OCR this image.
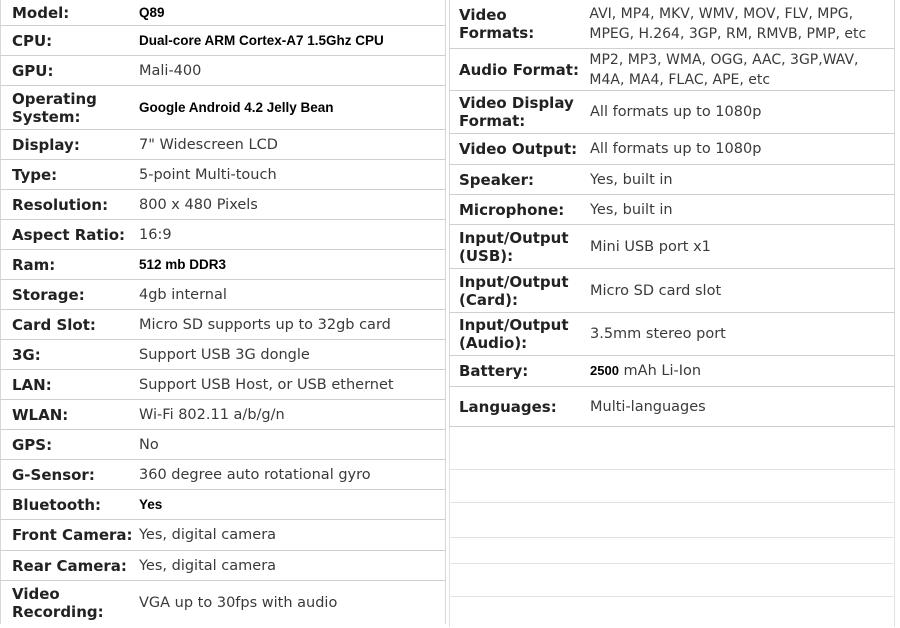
Model:	Q89
CPU:	Dual-core ARM Cortex-A7 1.5Ghz CPU
GPU:	Mali-400
Operating System:
Google Android 4.2 Jelly Bean
Display:	7" Widescreen LCD
Type:	5-point Multi-touch
Resolution:	800 x 480 Pixels
Aspect Ratio: 16:9
Ram:	512 mb DDR3
Storage:	4gb internal
Card Slot:	Micro SD supports up to 32gb card
3G:	Support USB 3G dongle
LAN:	Support USB Host, or USB ethernet
WLAN:	Wi-Fi 802.11 a/b/g/n
GPS:	No
G-Sensor:	360 degree auto rotational gyro
Bluetooth:	Yes
Front Camera: Yes, digital camera
Rear Camera: Yes, digital camera
Video Recording:	VGA up to 30fps with audio
Video Formats:
AVI, MP4, MKV, WMV, MOV, FLV, MPG, MPEG, H.264, 3GP, RM, RMVB, PMP, etc
Audio Format:
MP2, MP3, WMA, OGG, AAC, 3GP,WAV, M4A, MA4, FLAC, APE, etc
Video Display Format:	All formats up to 1080p
Video Output: All formats up to 1080p
Speaker:	Yes, built in
Microphone:	Yes, built in
Input/Output (USB):	Mini USB port x1
Input/Output (Card):	Micro SD card slot
Input/Output (Audio):	3.5mm stereo port
Battery:	2500 mAh Li-Ion
Languages:	Multi-languages
